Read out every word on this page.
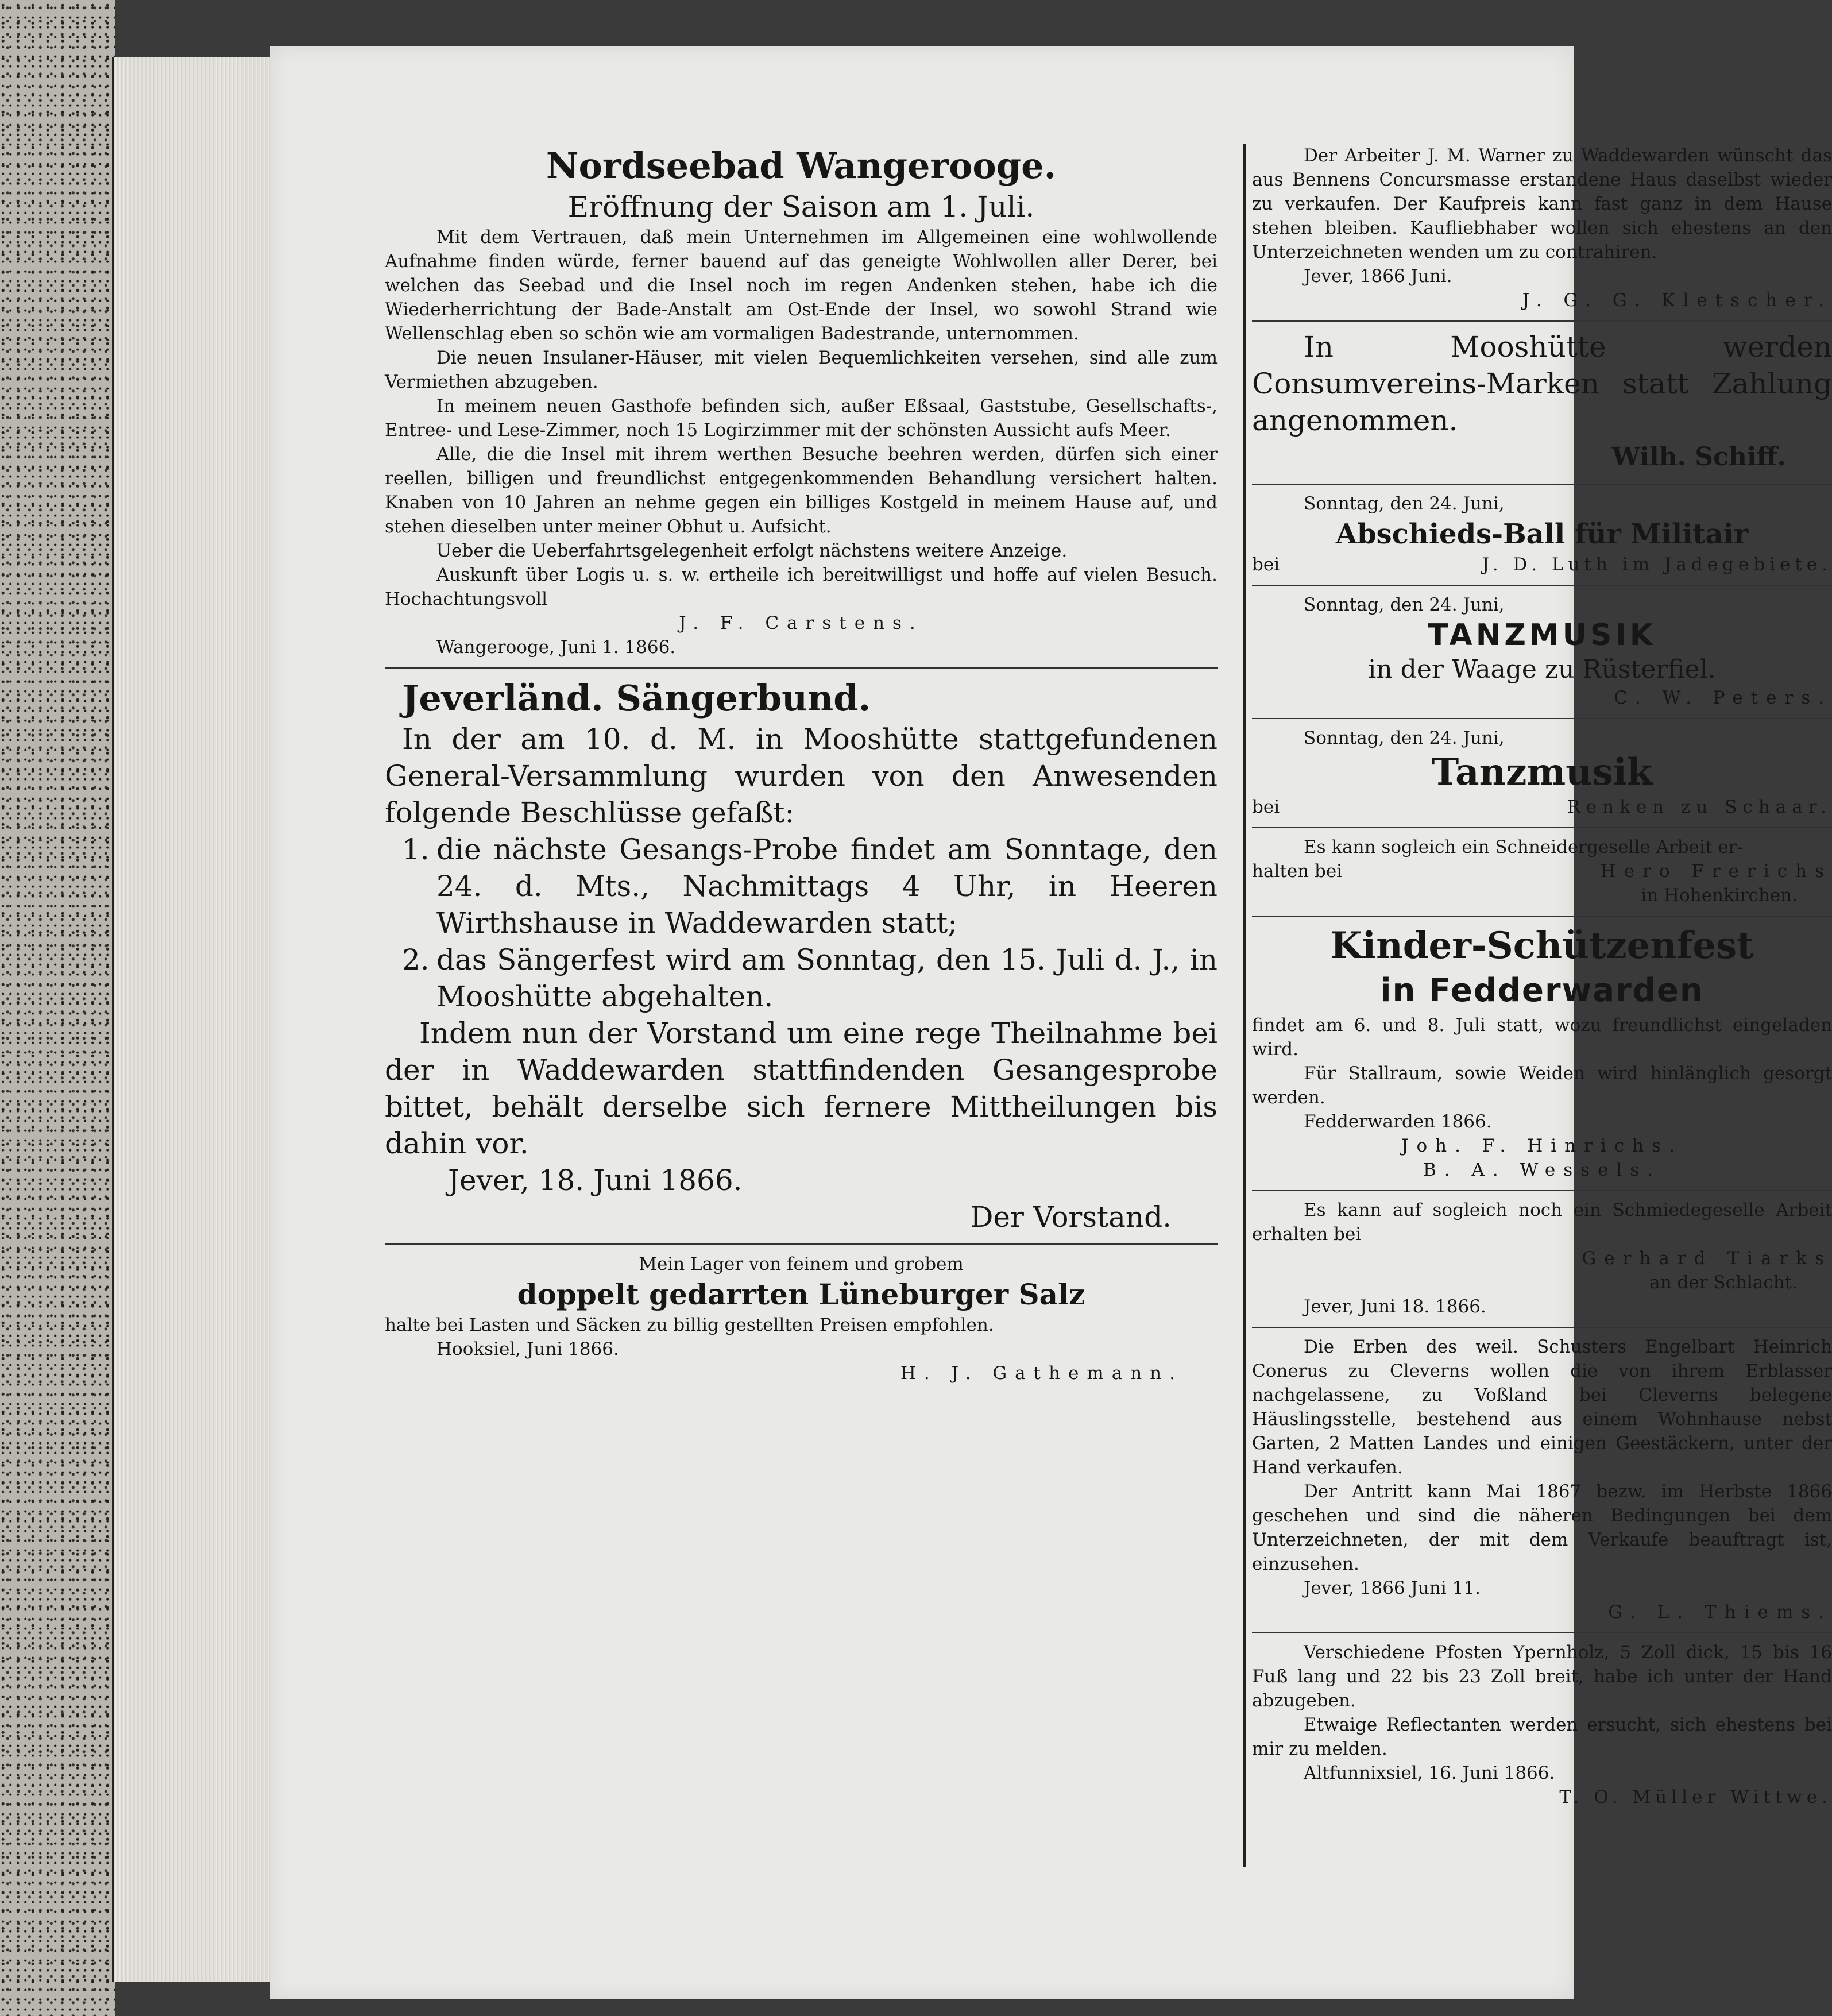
Nordseebad Wangerooge.

Eröffnung der Saison am 1. Juli.

Mit dem Vertrauen, daß mein Unternehmen im Allgemeinen eine wohlwollende Aufnahme finden würde, ferner bauend auf das geneigte Wohlwollen aller Derer, bei welchen das Seebad und die Insel noch im regen Andenken stehen, habe ich die Wiederherrichtung der Bade-Anstalt am Ost-Ende der Insel, wo sowohl Strand wie Wellenschlag eben so schön wie am vormaligen Badestrande, unternommen.

Die neuen Insulaner-Häuser, mit vielen Bequemlichkeiten versehen, sind alle zum Vermiethen abzugeben.

In meinem neuen Gasthofe befinden sich, außer Eßsaal, Gaststube, Gesellschafts-, Entree- und Lese-Zimmer, noch 15 Logirzimmer mit der schönsten Aussicht aufs Meer.

Alle, die die Insel mit ihrem werthen Besuche beehren werden, dürfen sich einer reellen, billigen und freundlichst entgegenkommenden Behandlung versichert halten. Knaben von 10 Jahren an nehme gegen ein billiges Kostgeld in meinem Hause auf, und stehen dieselben unter meiner Obhut u. Aufsicht.

Ueber die Ueberfahrtsgelegenheit erfolgt nächstens weitere Anzeige.

Auskunft über Logis u. s. w. ertheile ich bereitwilligst und hoffe auf vielen Besuch. Hochachtungsvoll

J. F. Carstens.

Wangerooge, Juni 1. 1866.

Jeverländ. Sängerbund.

In der am 10. d. M. in Mooshütte stattgefundenen General-Versammlung wurden von den Anwesenden folgende Beschlüsse gefaßt:

1. die nächste Gesangs-Probe findet am Sonntage, den 24. d. Mts., Nachmittags 4 Uhr, in Heeren Wirthshause in Waddewarden statt;
2. das Sängerfest wird am Sonntag, den 15. Juli d. J., in Mooshütte abgehalten.

Indem nun der Vorstand um eine rege Theilnahme bei der in Waddewarden stattfindenden Gesangesprobe bittet, behält derselbe sich fernere Mittheilungen bis dahin vor.

Jever, 18. Juni 1866.

Der Vorstand.

Mein Lager von feinem und grobem

doppelt gedarrten Lüneburger Salz

halte bei Lasten und Säcken zu billig gestellten Preisen empfohlen.

Hooksiel, Juni 1866.

H. J. Gathemann.

Der Arbeiter J. M. Warner zu Waddewarden wünscht das aus Bennens Concursmasse erstandene Haus daselbst wieder zu verkaufen. Der Kaufpreis kann fast ganz in dem Hause stehen bleiben. Kaufliebhaber wollen sich ehestens an den Unterzeichneten wenden um zu contrahiren.

Jever, 1866 Juni.

J. G. G. Kletscher.

In Mooshütte werden Consumvereins-Marken statt Zahlung angenommen.

Wilh. Schiff.

Sonntag, den 24. Juni,

Abschieds-Ball für Militair

bei	J. D. Luth im Jadegebiete.

Sonntag, den 24. Juni,

TANZMUSIK

in der Waage zu Rüsterfiel.

C. W. Peters.

Sonntag, den 24. Juni,

Tanzmusik

bei	Renken zu Schaar.

Es kann sogleich ein Schneidergeselle Arbeit er-

halten bei	Hero Frerichs

in Hohenkirchen.

Kinder-Schützenfest

in Fedderwarden

findet am 6. und 8. Juli statt, wozu freundlichst eingeladen wird.

Für Stallraum, sowie Weiden wird hinlänglich gesorgt werden.

Fedderwarden 1866.

Joh. F. Hinrichs.

B. A. Wessels.

Es kann auf sogleich noch ein Schmiedegeselle Arbeit erhalten bei

Gerhard Tiarks

an der Schlacht.

Jever, Juni 18. 1866.

Die Erben des weil. Schusters Engelbart Heinrich Conerus zu Cleverns wollen die von ihrem Erblasser nachgelassene, zu Voßland bei Cleverns belegene Häuslingsstelle, bestehend aus einem Wohnhause nebst Garten, 2 Matten Landes und einigen Geestäckern, unter der Hand verkaufen.

Der Antritt kann Mai 1867 bezw. im Herbste 1866 geschehen und sind die näheren Bedingungen bei dem Unterzeichneten, der mit dem Verkaufe beauftragt ist, einzusehen.

Jever, 1866 Juni 11.

G. L. Thiems.

Verschiedene Pfosten Ypernholz, 5 Zoll dick, 15 bis 16 Fuß lang und 22 bis 23 Zoll breit, habe ich unter der Hand abzugeben.

Etwaige Reflectanten werden ersucht, sich ehestens bei mir zu melden.

Altfunnixsiel, 16. Juni 1866.

T. O. Müller Wittwe.
